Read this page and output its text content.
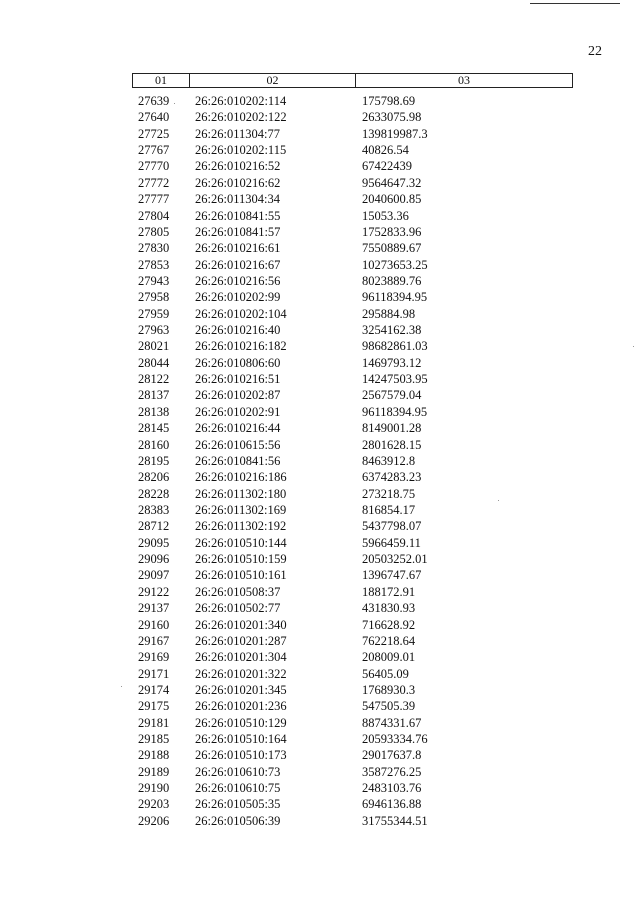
22
01	02	03
27639 26:26:010202:114	175798.69
27640 26:26:010202:122	2633075.98
27725 26:26:011304:77	139819987.3
27767 26:26:010202:115	40826.54
27770 26:26:010216:52	67422439
27772 26:26:010216:62	9564647.32
27777 26:26:011304:34	2040600.85
27804 26:26:010841:55	15053.36
27805 26:26:010841:57	1752833.96
27830 26:26:010216:61	7550889.67
27853 26:26:010216:67	10273653.25
27943 26:26:010216:56	8023889.76
27958 26:26:010202:99	96118394.95
27959 26:26:010202:104	295884.98
27963 26:26:010216:40	3254162.38
28021 26:26:010216:182	98682861.03
28044 26:26:010806:60	1469793.12
28122 26:26:010216:51	14247503.95
28137 26:26:010202:87	2567579.04
28138 26:26:010202:91	96118394.95
28145 26:26:010216:44	8149001.28
28160 26:26:010615:56	2801628.15
28195 26:26:010841:56	8463912.8
28206 26:26:010216:186	6374283.23
28228 26:26:011302:180	273218.75
28383 26:26:011302:169	816854.17
28712 26:26:011302:192	5437798.07
29095 26:26:010510:144	5966459.11
29096 26:26:010510:159	20503252.01
29097 26:26:010510:161	1396747.67
29122 26:26:010508:37	188172.91
29137 26:26:010502:77	431830.93
29160 26:26:010201:340	716628.92
29167 26:26:010201:287	762218.64
29169 26:26:010201:304	208009.01
29171 26:26:010201:322	56405.09
29174 26:26:010201:345	1768930.3
29175 26:26:010201:236	547505.39
29181 26:26:010510:129	8874331.67
29185 26:26:010510:164	20593334.76
29188 26:26:010510:173	29017637.8
29189 26:26:010610:73	3587276.25
29190 26:26:010610:75	2483103.76
29203 26:26:010505:35	6946136.88
29206 26:26:010506:39	31755344.51
